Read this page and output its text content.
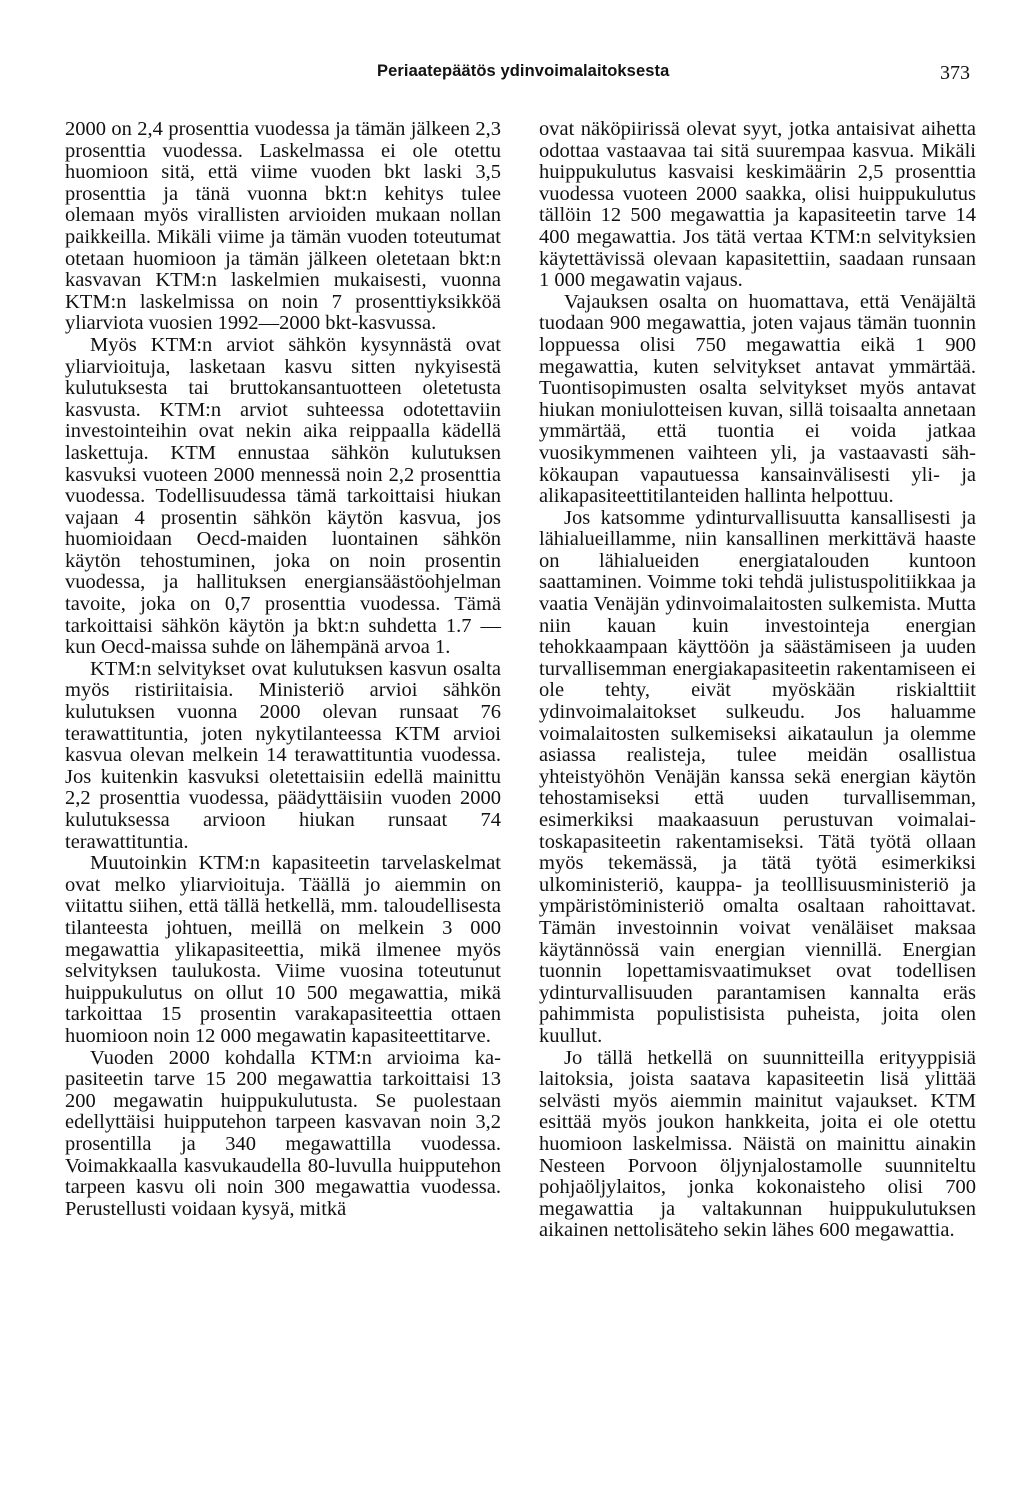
Periaatepäätös ydinvoimalaitoksesta	373

2000 on 2,4 prosenttia vuodessa ja tämän jälkeen 2,3 prosenttia vuodessa. Laskelmassa ei ole otettu huomioon sitä, että viime vuoden bkt laski 3,5 prosenttia ja tänä vuonna bkt:n kehitys tulee olemaan myös virallisten arvioiden mukaan nollan paikkeilla. Mikäli viime ja tämän vuoden toteutumat otetaan huomioon ja tämän jälkeen oletetaan bkt:n kasvavan KTM:n laskelmien mukaisesti, vuonna KTM:n laskelmissa on noin 7 prosenttiyksikköä yliarviota vuosien 1992—2000 bkt-kasvussa.

Myös KTM:n arviot sähkön kysynnästä ovat yliarvioituja, lasketaan kasvu sitten nykyisestä kulutuksesta tai bruttokansantuotteen oletetusta kasvusta. KTM:n arviot suhteessa odotettaviin investointeihin ovat nekin aika reippaalla kädellä laskettuja. KTM ennustaa sähkön kulutuksen kasvuksi vuoteen 2000 mennessä noin 2,2 prosenttia vuodessa. Todellisuudessa tämä tarkoittaisi hiukan vajaan 4 prosentin sähkön käytön kasvua, jos huomioidaan Oecd-maiden luontainen sähkön käytön tehostuminen, joka on noin prosentin vuodessa, ja hallituksen energiansäästöohjelman tavoite, joka on 0,7 prosenttia vuodessa. Tämä tarkoittaisi sähkön käytön ja bkt:n suhdetta 1.7 — kun Oecd-maissa suhde on lähempänä arvoa 1.

KTM:n selvitykset ovat kulutuksen kasvun osalta myös ristiriitaisia. Ministeriö arvioi sähkön kulutuksen vuonna 2000 olevan runsaat 76 terawattituntia, joten nykytilanteessa KTM arvioi kasvua olevan melkein 14 terawattituntia vuodessa. Jos kuitenkin kasvuksi oletettaisiin edellä mainittu 2,2 prosenttia vuodessa, päädyttäisiin vuoden 2000 kulutuksessa arvioon hiukan runsaat 74 terawattituntia.

Muutoinkin KTM:n kapasiteetin tarvelaskelmat ovat melko yliarvioituja. Täällä jo aiemmin on viitattu siihen, että tällä hetkellä, mm. taloudellisesta tilanteesta johtuen, meillä on melkein 3 000 megawattia ylikapasiteettia, mikä ilmenee myös selvityksen taulukosta. Viime vuosina toteutunut huippukulutus on ollut 10 500 megawattia, mikä tarkoittaa 15 prosentin varakapasiteettia ottaen huomioon noin 12 000 megawatin kapasiteettitarve.

Vuoden 2000 kohdalla KTM:n arvioima kapasiteetin tarve 15 200 megawattia tarkoittaisi 13 200 megawatin huippukulutusta. Se puolestaan edellyttäisi huipputehon tarpeen kasvavan noin 3,2 prosentilla ja 340 megawattilla vuodessa. Voimakkaalla kasvukaudella 80-luvulla huipputehon tarpeen kasvu oli noin 300 megawattia vuodessa. Perustellusti voidaan kysyä, mitkä

ovat näköpiirissä olevat syyt, jotka antaisivat aihetta odottaa vastaavaa tai sitä suurempaa kasvua. Mikäli huippukulutus kasvaisi keskimäärin 2,5 prosenttia vuodessa vuoteen 2000 saakka, olisi huippukulutus tällöin 12 500 megawattia ja kapasiteetin tarve 14 400 megawattia. Jos tätä vertaa KTM:n selvityksien käytettävissä olevaan kapasitettiin, saadaan runsaan 1 000 megawatin vajaus.

Vajauksen osalta on huomattava, että Venäjältä tuodaan 900 megawattia, joten vajaus tämän tuonnin loppuessa olisi 750 megawattia eikä 1 900 megawattia, kuten selvitykset antavat ymmärtää. Tuontisopimusten osalta selvitykset myös antavat hiukan moniulotteisen kuvan, sillä toisaalta annetaan ymmärtää, että tuontia ei voida jatkaa vuosikymmenen vaihteen yli, ja vastaavasti sähkökaupan vapautuessa kansainvälisesti yli- ja alikapasiteettitilanteiden hallinta helpottuu.

Jos katsomme ydinturvallisuutta kansallisesti ja lähialueillamme, niin kansallinen merkittävä haaste on lähialueiden energiatalouden kuntoon saattaminen. Voimme toki tehdä julistuspolitiikkaa ja vaatia Venäjän ydinvoimalaitosten sulkemista. Mutta niin kauan kuin investointeja energian tehokkaampaan käyttöön ja säästämiseen ja uuden turvallisemman energiakapasiteetin rakentamiseen ei ole tehty, eivät myöskään riskialttiit ydinvoimalaitokset sulkeudu. Jos haluamme voimalaitosten sulkemiseksi aikataulun ja olemme asiassa realisteja, tulee meidän osallistua yhteistyöhön Venäjän kanssa sekä energian käytön tehostamiseksi että uuden turvallisemman, esimerkiksi maakaasuun perustuvan voimalaitoskapasiteetin rakentamiseksi. Tätä työtä ollaan myös tekemässä, ja tätä työtä esimerkiksi ulkoministeriö, kauppa- ja teolllisuusministeriö ja ympäristöministeriö omalta osaltaan rahoittavat. Tämän investoinnin voivat venäläiset maksaa käytännössä vain energian viennillä. Energian tuonnin lopettamisvaatimukset ovat todellisen ydinturvallisuuden parantamisen kannalta eräs pahimmista populistisista puheista, joita olen kuullut.

Jo tällä hetkellä on suunnitteilla erityyppisiä laitoksia, joista saatava kapasiteetin lisä ylittää selvästi myös aiemmin mainitut vajaukset. KTM esittää myös joukon hankkeita, joita ei ole otettu huomioon laskelmissa. Näistä on mainittu ainakin Nesteen Porvoon öljynjalostamolle suunniteltu pohjaöljylaitos, jonka kokonaisteho olisi 700 megawattia ja valtakunnan huippukulutuksen aikainen nettolisäteho sekin lähes 600 megawattia.
